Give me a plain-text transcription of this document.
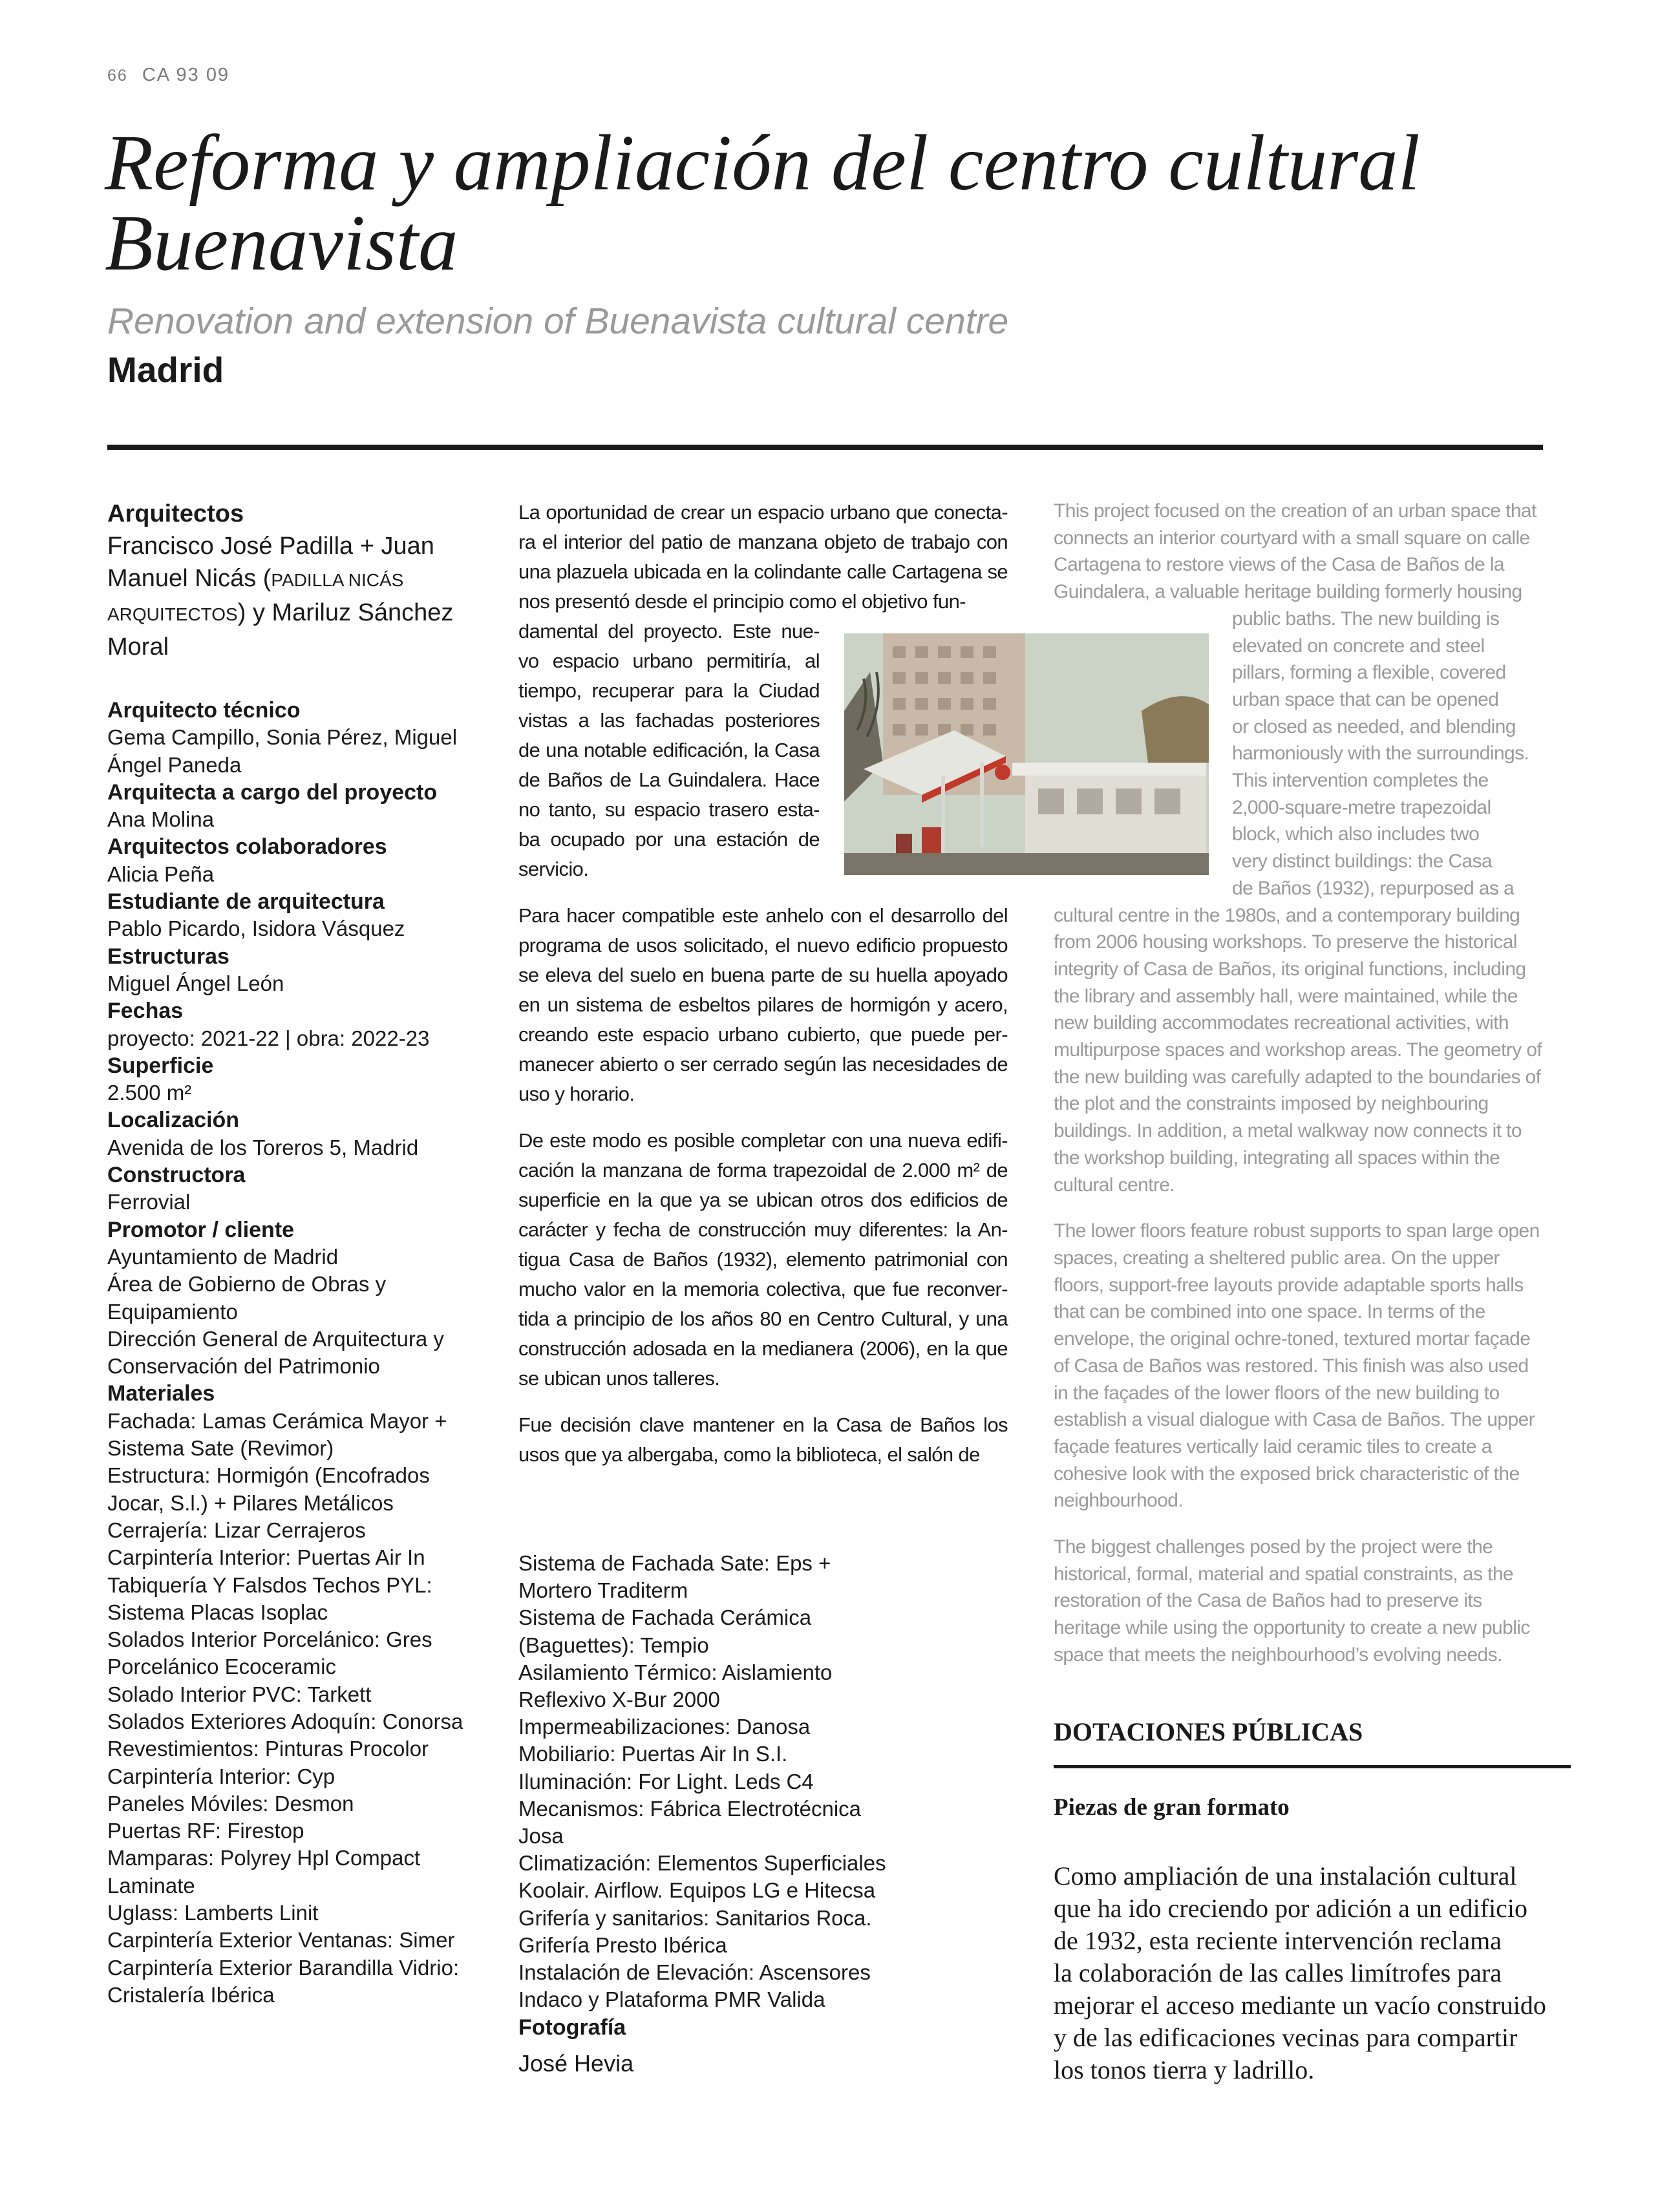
66 CA 93 09
Reforma y ampliación del centro cultural
Buenavista
Renovation and extension of Buenavista cultural centre
Madrid
Arquitectos
Francisco José Padilla + Juan Manuel Nicás (PADILLA NICÁS ARQUITECTOS) y Mariluz Sánchez Moral
Arquitecto técnico
Gema Campillo, Sonia Pérez, Miguel Ángel Paneda
Arquitecta a cargo del proyecto
Ana Molina
Arquitectos colaboradores
Alicia Peña
Estudiante de arquitectura
Pablo Picardo, Isidora Vásquez
Estructuras
Miguel Ángel León
Fechas
proyecto: 2021-22 | obra: 2022-23
Superficie
2.500 m²
Localización
Avenida de los Toreros 5, Madrid
Constructora
Ferrovial
Promotor / cliente
Ayuntamiento de Madrid
Área de Gobierno de Obras y Equipamiento
Dirección General de Arquitectura y Conservación del Patrimonio
Materiales
Fachada: Lamas Cerámica Mayor + Sistema Sate (Revimor)
Estructura: Hormigón (Encofrados Jocar, S.l.) + Pilares Metálicos
Cerrajería: Lizar Cerrajeros
Carpintería Interior: Puertas Air In
Tabiquería Y Falsdos Techos PYL: Sistema Placas Isoplac
Solados Interior Porcelánico: Gres Porcelánico Ecoceramic
Solado Interior PVC: Tarkett
Solados Exteriores Adoquín: Conorsa
Revestimientos: Pinturas Procolor
Carpintería Interior: Cyp
Paneles Móviles: Desmon
Puertas RF: Firestop
Mamparas: Polyrey Hpl Compact Laminate
Uglass: Lamberts Linit
Carpintería Exterior Ventanas: Simer
Carpintería Exterior Barandilla Vidrio: Cristalería Ibérica

La oportunidad de crear un espacio urbano que conecta-ra el interior del patio de manzana objeto de trabajo con una plazuela ubicada en la colindante calle Cartagena se nos presentó desde el principio como el objetivo fun-

damental del proyecto. Este nue-vo espacio urbano permitiría, al tiempo, recuperar para la Ciudad vistas a las fachadas posteriores de una notable edificación, la Casa de Baños de La Guindalera. Hace no tanto, su espacio trasero esta-ba ocupado por una estación de servicio.

Para hacer compatible este anhelo con el desarrollo del programa de usos solicitado, el nuevo edificio propuesto se eleva del suelo en buena parte de su huella apoyado en un sistema de esbeltos pilares de hormigón y acero, creando este espacio urbano cubierto, que puede per-manecer abierto o ser cerrado según las necesidades de uso y horario.

De este modo es posible completar con una nueva edifi-cación la manzana de forma trapezoidal de 2.000 m² de superficie en la que ya se ubican otros dos edificios de carácter y fecha de construcción muy diferentes: la An-tigua Casa de Baños (1932), elemento patrimonial con mucho valor en la memoria colectiva, que fue reconver-tida a principio de los años 80 en Centro Cultural, y una construcción adosada en la medianera (2006), en la que se ubican unos talleres.

Fue decisión clave mantener en la Casa de Baños los usos que ya albergaba, como la biblioteca, el salón de

Sistema de Fachada Sate: Eps + Mortero Traditerm
Sistema de Fachada Cerámica (Baguettes): Tempio
Asilamiento Térmico: Aislamiento Reflexivo X-Bur 2000
Impermeabilizaciones: Danosa
Mobiliario: Puertas Air In S.I.
Iluminación: For Light. Leds C4
Mecanismos: Fábrica Electrotécnica Josa
Climatización: Elementos Superficiales Koolair. Airflow. Equipos LG e Hitecsa
Grifería y sanitarios: Sanitarios Roca. Grifería Presto Ibérica
Instalación de Elevación: Ascensores Indaco y Plataforma PMR Valida
Fotografía
José Hevia
This project focused on the creation of an urban space that
connects an interior courtyard with a small square on calle
Cartagena to restore views of the Casa de Baños de la
Guindalera, a valuable heritage building formerly housing
public baths. The new building is
elevated on concrete and steel
pillars, forming a flexible, covered
urban space that can be opened
or closed as needed, and blending
harmoniously with the surroundings.
This intervention completes the
2,000-square-metre trapezoidal
block, which also includes two
very distinct buildings: the Casa
de Baños (1932), repurposed as a

cultural centre in the 1980s, and a contemporary building from 2006 housing workshops. To preserve the historical integrity of Casa de Baños, its original functions, including the library and assembly hall, were maintained, while the new building accommodates recreational activities, with multipurpose spaces and workshop areas. The geometry of the new building was carefully adapted to the boundaries of the plot and the constraints imposed by neighbouring buildings. In addition, a metal walkway now connects it to the workshop building, integrating all spaces within the cultural centre.

The lower floors feature robust supports to span large open spaces, creating a sheltered public area. On the upper floors, support-free layouts provide adaptable sports halls that can be combined into one space. In terms of the envelope, the original ochre-toned, textured mortar façade of Casa de Baños was restored. This finish was also used in the façades of the lower floors of the new building to establish a visual dialogue with Casa de Baños. The upper façade features vertically laid ceramic tiles to create a cohesive look with the exposed brick characteristic of the neighbourhood.

The biggest challenges posed by the project were the historical, formal, material and spatial constraints, as the restoration of the Casa de Baños had to preserve its heritage while using the opportunity to create a new public space that meets the neighbourhood’s evolving needs.

DOTACIONES PÚBLICAS
Piezas de gran formato
Como ampliación de una instalación cultural
que ha ido creciendo por adición a un edificio
de 1932, esta reciente intervención reclama
la colaboración de las calles limítrofes para
mejorar el acceso mediante un vacío construido
y de las edificaciones vecinas para compartir
los tonos tierra y ladrillo.
